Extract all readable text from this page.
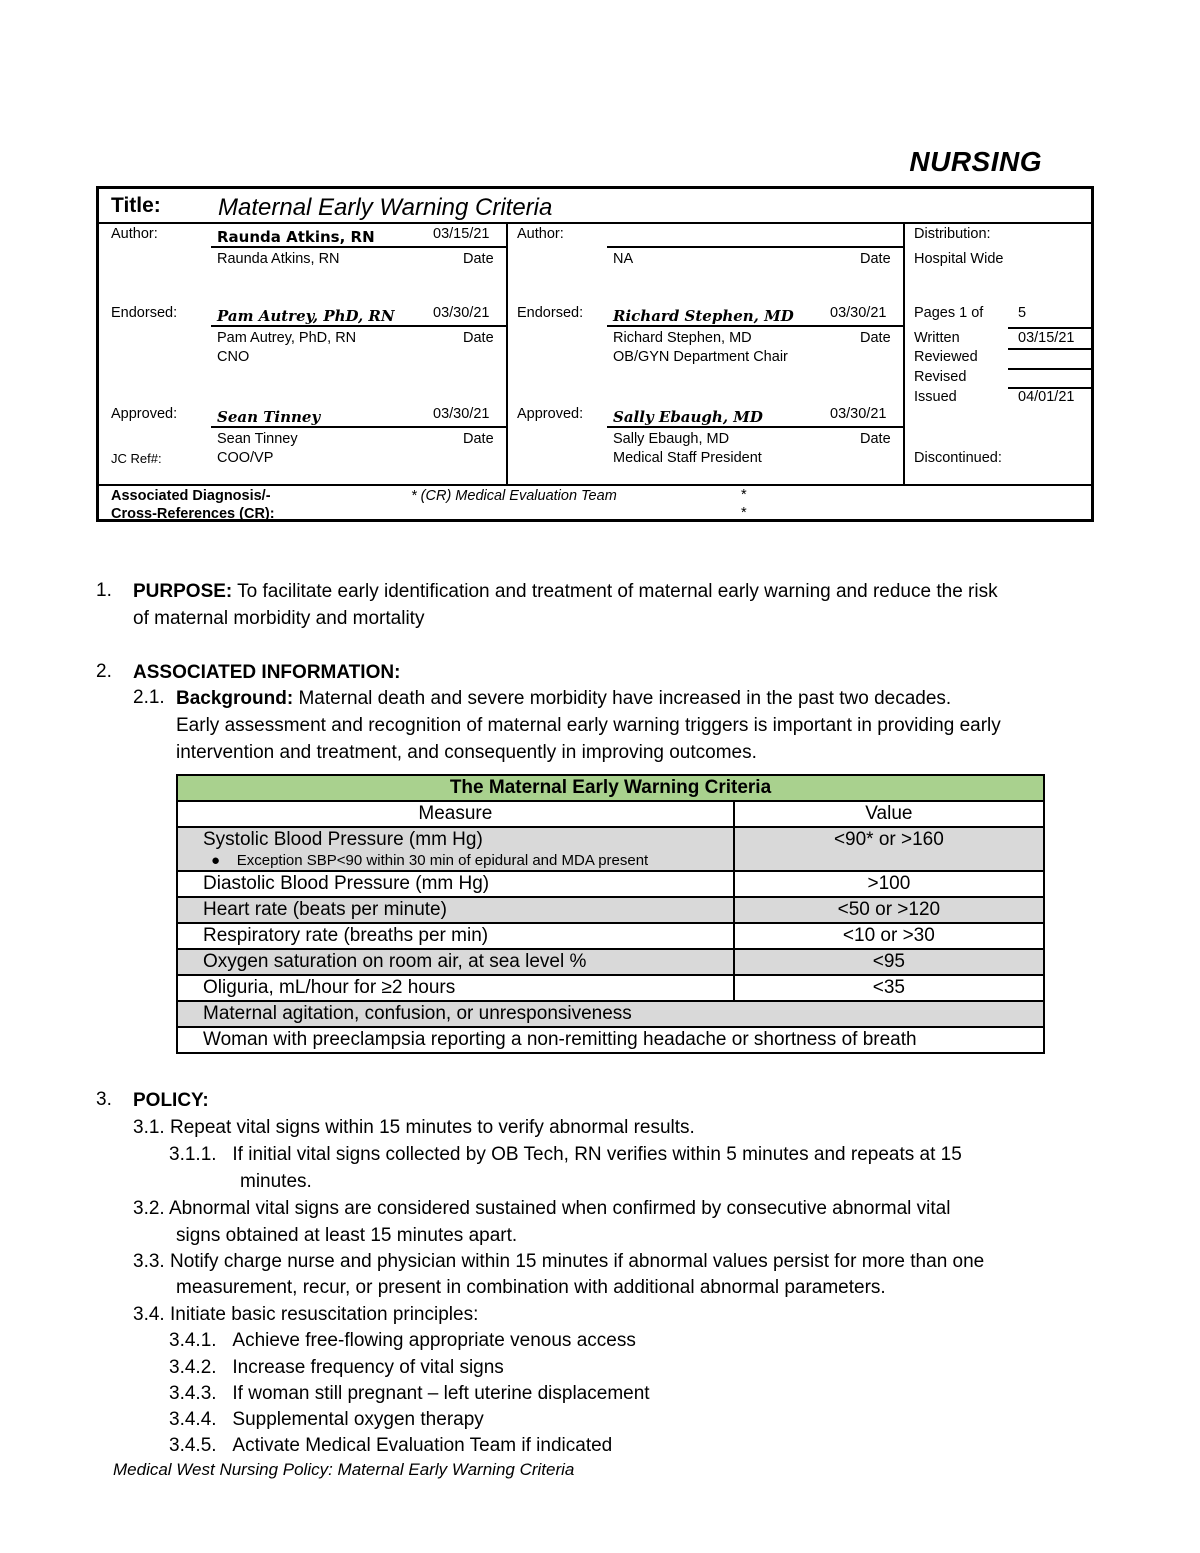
NURSING
Title: Maternal Early Warning Criteria
Author:	Raunda Atkins, RN	03/15/21
Raunda Atkins, RN	Date
Endorsed:	Pam Autrey, PhD, RN	03/30/21
Pam Autrey, PhD, RN	Date
CNO
Approved:	Sean Tinney	03/30/21
Sean Tinney	Date
JC Ref#:	COO/VP
Author:
NA	Date
Endorsed: Richard Stephen, MD	03/30/21
Richard Stephen, MD	Date
OB/GYN Department Chair
Approved: Sally Ebaugh, MD	03/30/21
Sally Ebaugh, MD	Date
Medical Staff President
Distribution:
Hospital Wide
Pages 1 of 5
Written	03/15/21
Reviewed
Revised
Issued	04/01/21
Discontinued:
Associated Diagnosis/-
Cross-References (CR):
* (CR) Medical Evaluation Team	*
*
1. PURPOSE: To facilitate early identification and treatment of maternal early warning and reduce the risk
of maternal morbidity and mortality
2. ASSOCIATED INFORMATION:
2.1. Background: Maternal death and severe morbidity have increased in the past two decades.
Early assessment and recognition of maternal early warning triggers is important in providing early
intervention and treatment, and consequently in improving outcomes.
The Maternal Early Warning Criteria	
Measure	Value
Systolic Blood Pressure (mm Hg)
●    Exception SBP<90 within 30 min of epidural and MDA present	<90* or >160
Diastolic Blood Pressure (mm Hg)	>100
Heart rate (beats per minute)	<50 or >120
Respiratory rate (breaths per min)	<10 or >30
Oxygen saturation on room air, at sea level %	<95
Oliguria, mL/hour for ≥2 hours	<35
Maternal agitation, confusion, or unresponsiveness	
Woman with preeclampsia reporting a non-remitting headache or shortness of breath	
3. POLICY:
3.1. Repeat vital signs within 15 minutes to verify abnormal results.
3.1.1. If initial vital signs collected by OB Tech, RN verifies within 5 minutes and repeats at 15
minutes.
3.2. Abnormal vital signs are considered sustained when confirmed by consecutive abnormal vital
signs obtained at least 15 minutes apart.
3.3. Notify charge nurse and physician within 15 minutes if abnormal values persist for more than one
measurement, recur, or present in combination with additional abnormal parameters.
3.4. Initiate basic resuscitation principles:
3.4.1. Achieve free-flowing appropriate venous access
3.4.2. Increase frequency of vital signs
3.4.3. If woman still pregnant – left uterine displacement
3.4.4. Supplemental oxygen therapy
3.4.5. Activate Medical Evaluation Team if indicated
Medical West Nursing Policy: Maternal Early Warning Criteria
